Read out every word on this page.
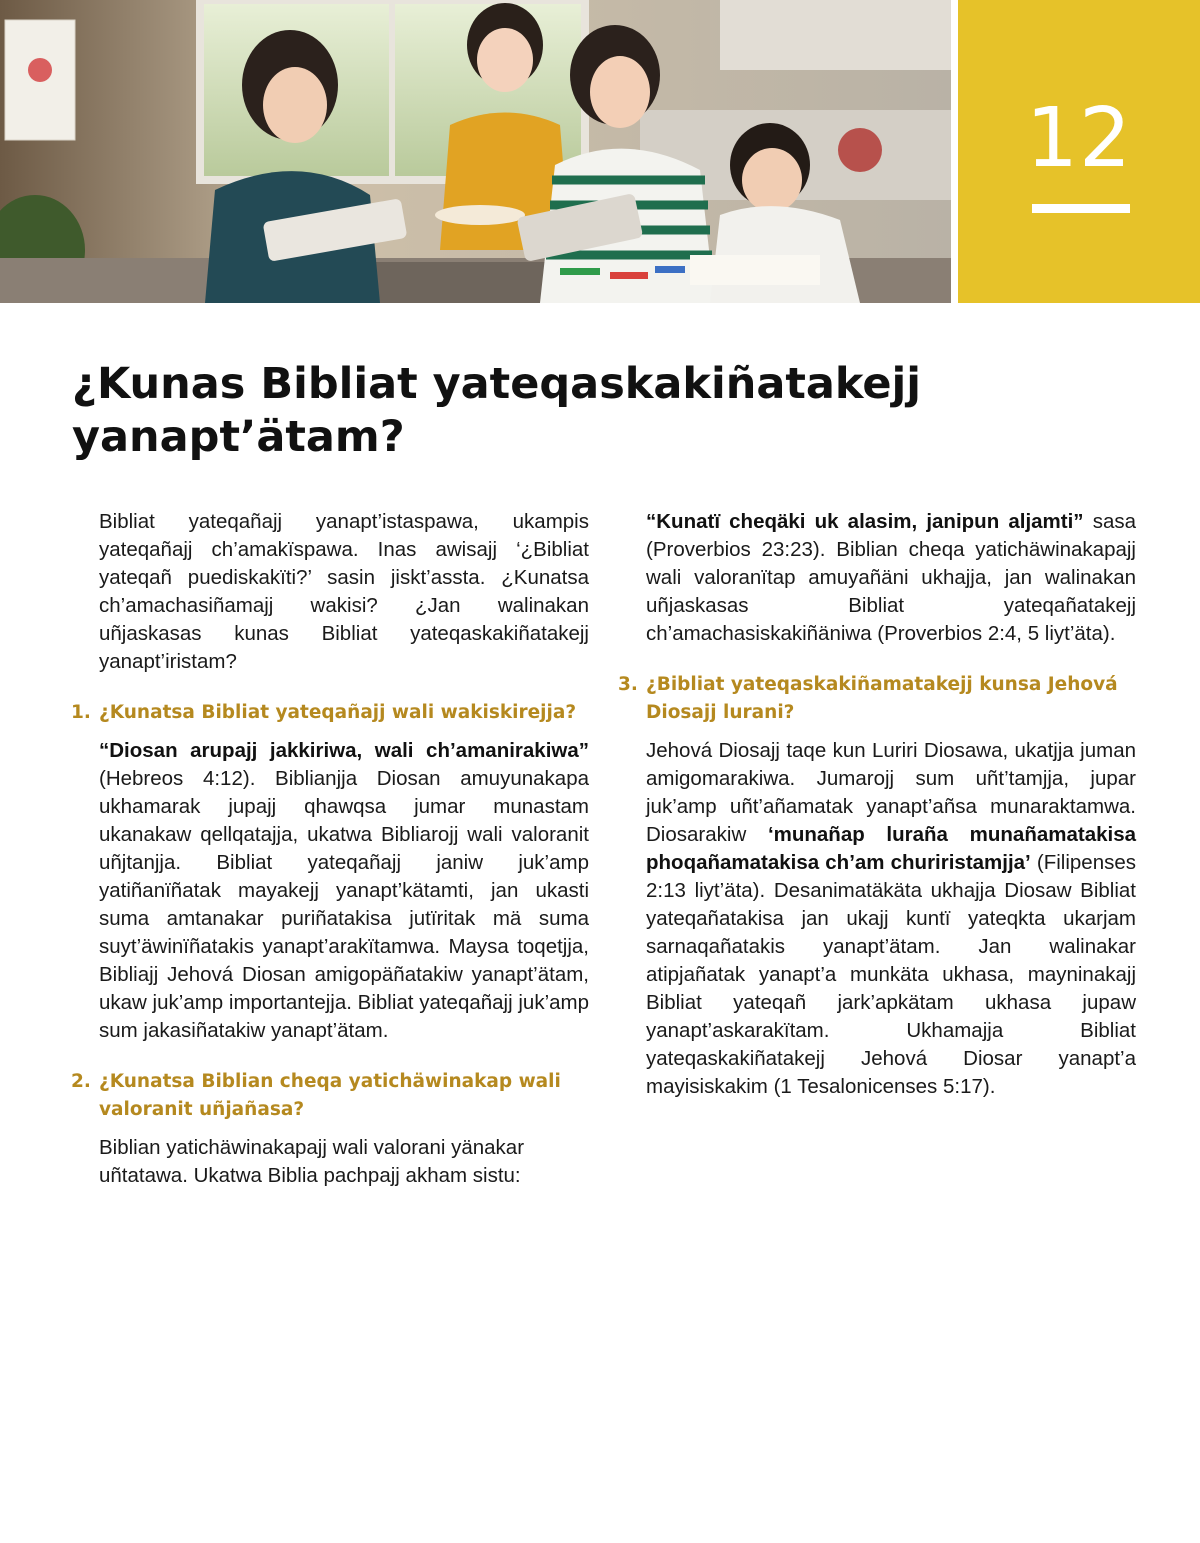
12
¿Kunas Bibliat yateqaskakiñatakejj yanapt’ätam?

Bibliat yateqañajj yanapt’istaspawa, ukampis yateqañajj ch’amakïspawa. Inas awisajj ‘¿Bibliat yateqañ puediskakïti?’ sasin jiskt’assta. ¿Kunatsa ch’amachasiñamajj wakisi? ¿Jan walinakan uñjaskasas kunas Bibliat yateqaskakiñatakejj yanapt’iristam?

1. ¿Kunatsa Bibliat yateqañajj wali wakiskirejja?

“Diosan arupajj jakkiriwa, wali ch’amanirakiwa” (Hebreos 4:12). Biblianjja Diosan amuyunakapa ukhamarak jupajj qhawqsa jumar munastam ukanakaw qellqatajja, ukatwa Bibliarojj wali valoranit uñjtanjja. Bibliat yateqañajj janiw juk’amp yatiñanïñatak mayakejj yanapt’kätamti, jan ukasti suma amtanakar puriñatakisa jutïritak mä suma suyt’äwinïñatakis yanapt’arakïtamwa. Maysa toqetjja, Bibliajj Jehová Diosan amigopäñatakiw yanapt’ätam, ukaw juk’amp importantejja. Bibliat yateqañajj juk’amp sum jakasiñatakiw yanapt’ätam.

2. ¿Kunatsa Biblian cheqa yatichäwinakap wali valoranit uñjañasa?

Biblian yatichäwinakapajj wali valorani yänakar uñtatawa. Ukatwa Biblia pachpajj akham sistu:

“Kunatï cheqäki uk alasim, janipun aljamti” sasa (Proverbios 23:23). Biblian cheqa yatichäwinakapajj wali valoranïtap amuyañäni ukhajja, jan walinakan uñjaskasas Bibliat yateqañatakejj ch’amachasiskakiñäniwa (Proverbios 2:4, 5 liyt’äta).

3. ¿Bibliat yateqaskakiñamatakejj kunsa Jehová Diosajj lurani?

Jehová Diosajj taqe kun Luriri Diosawa, ukatjja juman amigomarakiwa. Jumarojj sum uñt’tamjja, jupar juk’amp uñt’añamatak yanapt’añsa munaraktamwa. Diosarakiw ‘munañap luraña munañamatakisa phoqañamatakisa ch’am churiristamjja’ (Filipenses 2:13 liyt’äta). Desanimatäkäta ukhajja Diosaw Bibliat yateqañatakisa jan ukajj kuntï yateqkta ukarjam sarnaqañatakis yanapt’ätam. Jan walinakar atipjañatak yanapt’a munkäta ukhasa, mayninakajj Bibliat yateqañ jark’apkätam ukhasa jupaw yanapt’askarakïtam. Ukhamajja Bibliat yateqaskakiñatakejj Jehová Diosar yanapt’a mayisiskakim (1 Tesalonicenses 5:17).
